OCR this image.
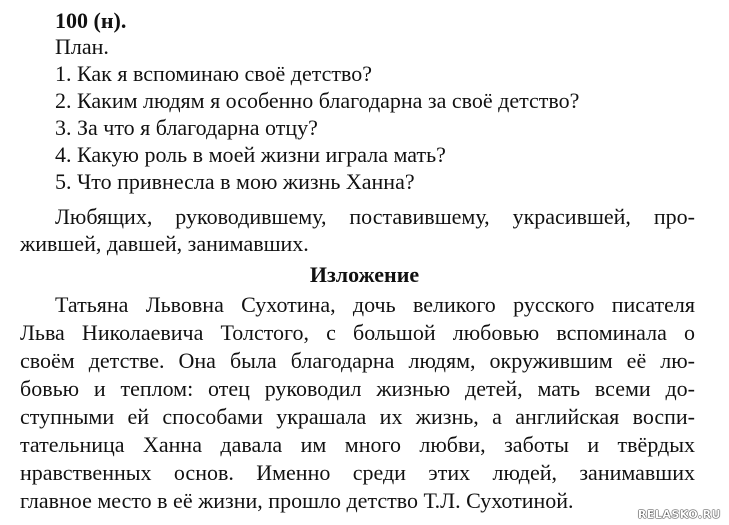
100 (н).
План.
1. Как я вспоминаю своё детство?
2. Каким людям я особенно благодарна за своё детство?
3. За что я благодарна отцу?
4. Какую роль в моей жизни играла мать?
5. Что привнесла в мою жизнь Ханна?
Любящих, руководившему, поставившему, украсившей, про-
жившей, давшей, занимавших.
Изложение
Татьяна Львовна Сухотина, дочь великого русского писателя
Льва Николаевича Толстого, с большой любовью вспоминала о
своём детстве. Она была благодарна людям, окружившим её лю-
бовью и теплом: отец руководил жизнью детей, мать всеми до-
ступными ей способами украшала их жизнь, а английская воспи-
тательница Ханна давала им много любви, заботы и твёрдых
нравственных основ. Именно среди этих людей, занимавших
главное место в её жизни, прошло детство Т.Л. Сухотиной.
RELASKO.RU
